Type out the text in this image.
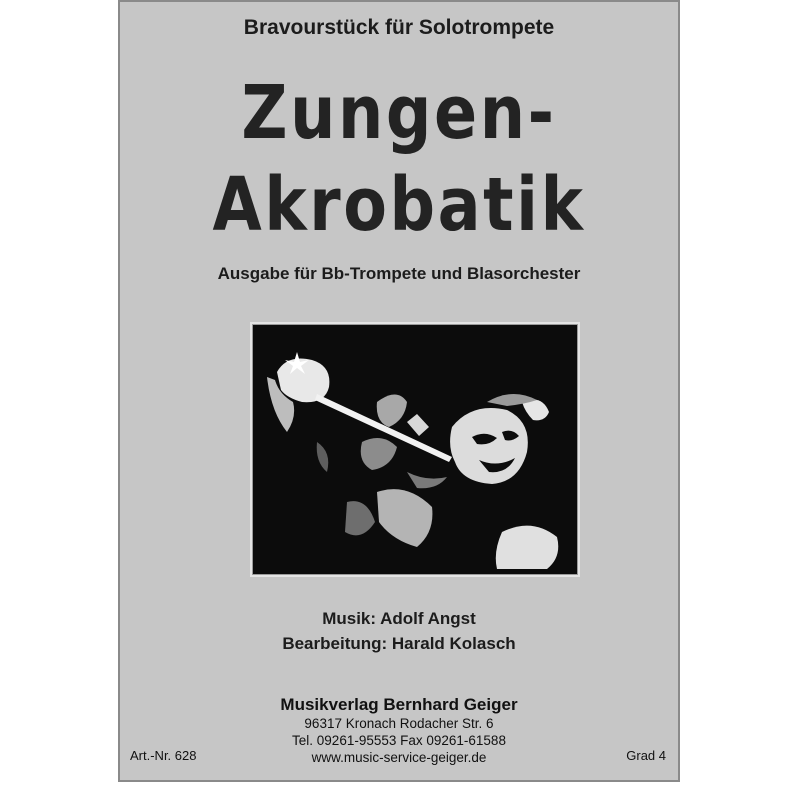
Bravourstück für Solotrompete
Zungen-
Akrobatik
Ausgabe für Bb-Trompete und Blasorchester
Musik: Adolf Angst
Bearbeitung: Harald Kolasch
Musikverlag Bernhard Geiger
96317 Kronach Rodacher Str. 6
Tel. 09261-95553 Fax 09261-61588
www.music-service-geiger.de
Art.-Nr. 628	Grad 4
